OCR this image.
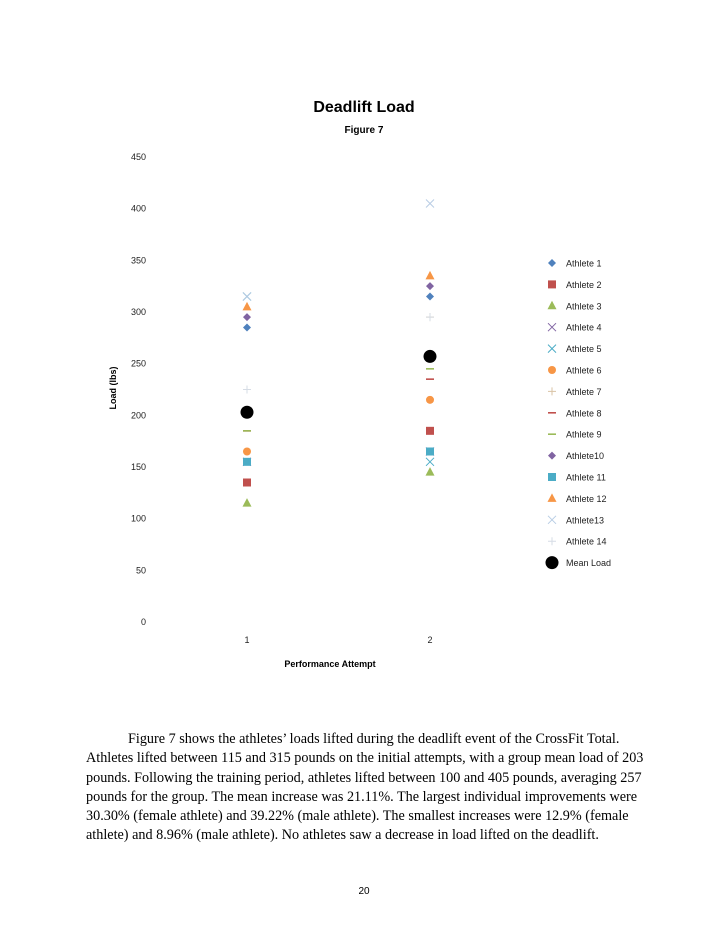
Deadlift Load
Figure 7
0
50
100
150
200
250
300
350
400
450
1	2
Athlete 1
Athlete 2
Athlete 3
Athlete 4
Athlete 5
Athlete 6
Athlete 7
Athlete 8
Athlete 9
Athlete10
Athlete 11
Athlete 12
Athlete13
Athlete 14
Mean Load
Performance Attempt
Load (lbs)

Figure 7 shows the athletes’ loads lifted during the deadlift event of the CrossFit Total. Athletes lifted between 115 and 315 pounds on the initial attempts, with a group mean load of 203 pounds. Following the training period, athletes lifted between 100 and 405 pounds, averaging 257 pounds for the group. The mean increase was 21.11%. The largest individual improvements were 30.30% (female athlete) and 39.22% (male athlete). The smallest increases were 12.9% (female athlete) and 8.96% (male athlete). No athletes saw a decrease in load lifted on the deadlift.

20
